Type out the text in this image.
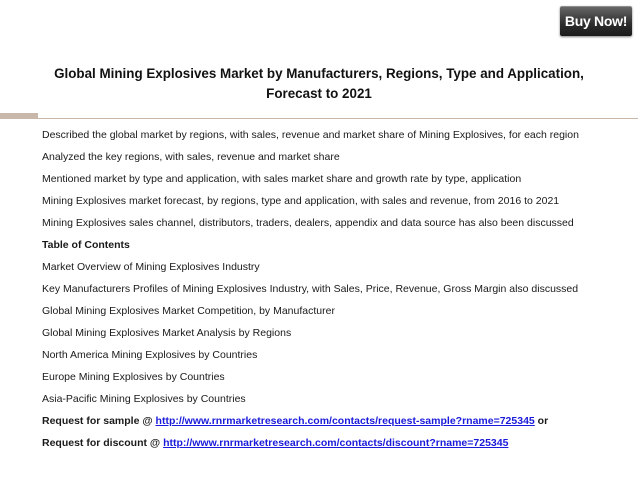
Buy Now!
Global Mining Explosives Market by Manufacturers, Regions, Type and Application, Forecast to 2021

Described the global market by regions, with sales, revenue and market share of Mining Explosives, for each region

Analyzed the key regions, with sales, revenue and market share

Mentioned market by type and application, with sales market share and growth rate by type, application

Mining Explosives market forecast, by regions, type and application, with sales and revenue, from 2016 to 2021

Mining Explosives sales channel, distributors, traders, dealers, appendix and data source has also been discussed

Table of Contents

Market Overview of Mining Explosives Industry

Key Manufacturers Profiles of Mining Explosives Industry, with Sales, Price, Revenue, Gross Margin also discussed

Global Mining Explosives Market Competition, by Manufacturer

Global Mining Explosives Market Analysis by Regions

North America Mining Explosives by Countries

Europe Mining Explosives by Countries

Asia-Pacific Mining Explosives by Countries

Request for sample @ http://www.rnrmarketresearch.com/contacts/request-sample?rname=725345 or

Request for discount @ http://www.rnrmarketresearch.com/contacts/discount?rname=725345
